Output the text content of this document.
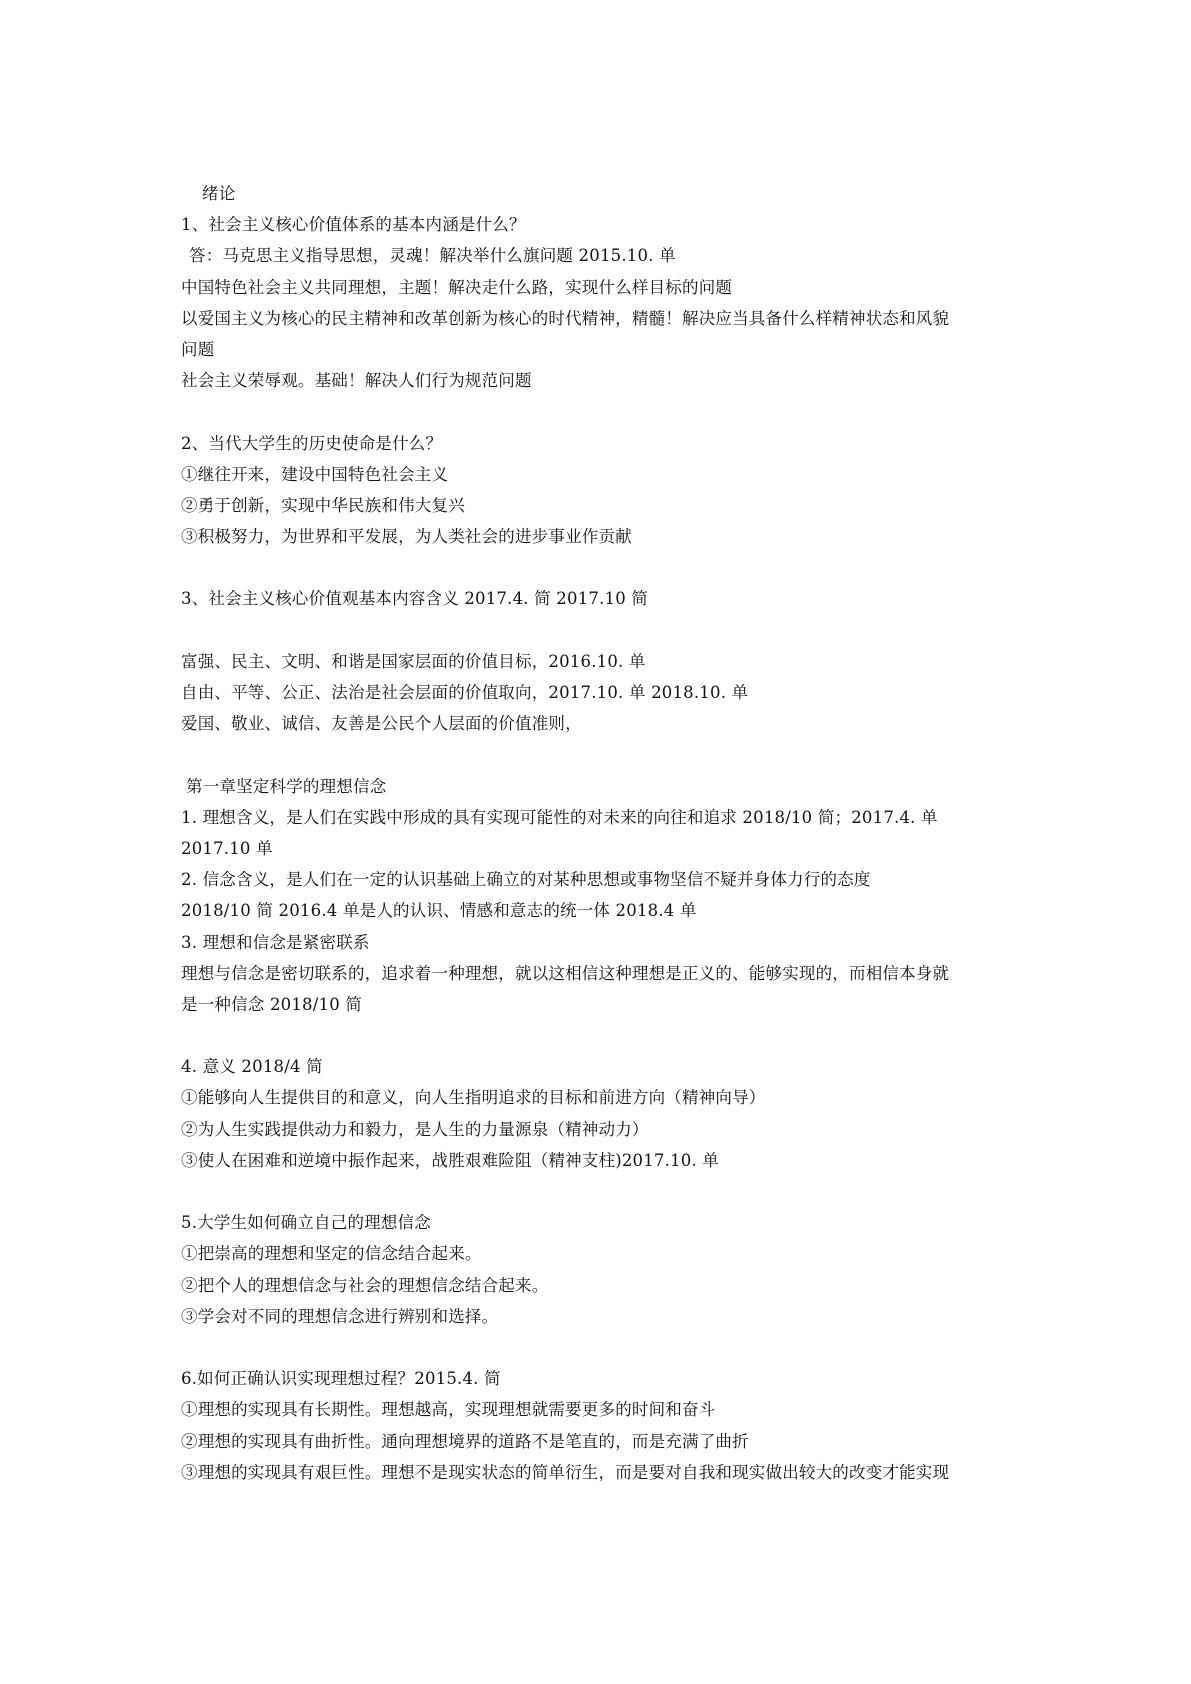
绪论
1、社会主义核心价值体系的基本内涵是什么？
答：马克思主义指导思想，灵魂！解决举什么旗问题 2015.10. 单
中国特色社会主义共同理想，主题！解决走什么路，实现什么样目标的问题
以爱国主义为核心的民主精神和改革创新为核心的时代精神，精髓！解决应当具备什么样精神状态和风貌
问题
社会主义荣辱观。基础！解决人们行为规范问题
2、当代大学生的历史使命是什么？
①继往开来，建设中国特色社会主义
②勇于创新，实现中华民族和伟大复兴
③积极努力，为世界和平发展，为人类社会的进步事业作贡献
3、社会主义核心价值观基本内容含义 2017.4. 简 2017.10 简
富强、民主、文明、和谐是国家层面的价值目标，2016.10. 单
自由、平等、公正、法治是社会层面的价值取向，2017.10. 单 2018.10. 单
爱国、敬业、诚信、友善是公民个人层面的价值准则，
第一章坚定科学的理想信念
1. 理想含义，是人们在实践中形成的具有实现可能性的对未来的向往和追求 2018/10 简；2017.4. 单
2017.10 单
2. 信念含义，是人们在一定的认识基础上确立的对某种思想或事物坚信不疑并身体力行的态度
2018/10 简 2016.4 单是人的认识、情感和意志的统一体 2018.4 单
3. 理想和信念是紧密联系
理想与信念是密切联系的，追求着一种理想，就以这相信这种理想是正义的、能够实现的，而相信本身就
是一种信念 2018/10 简
4. 意义 2018/4 简
①能够向人生提供目的和意义，向人生指明追求的目标和前进方向（精神向导）
②为人生实践提供动力和毅力，是人生的力量源泉（精神动力）
③使人在困难和逆境中振作起来，战胜艰难险阻（精神支柱)2017.10. 单
5.大学生如何确立自己的理想信念
①把崇高的理想和坚定的信念结合起来。
②把个人的理想信念与社会的理想信念结合起来。
③学会对不同的理想信念进行辨别和选择。
6.如何正确认识实现理想过程？2015.4. 简
①理想的实现具有长期性。理想越高，实现理想就需要更多的时间和奋斗
②理想的实现具有曲折性。通向理想境界的道路不是笔直的，而是充满了曲折
③理想的实现具有艰巨性。理想不是现实状态的简单衍生，而是要对自我和现实做出较大的改变才能实现
